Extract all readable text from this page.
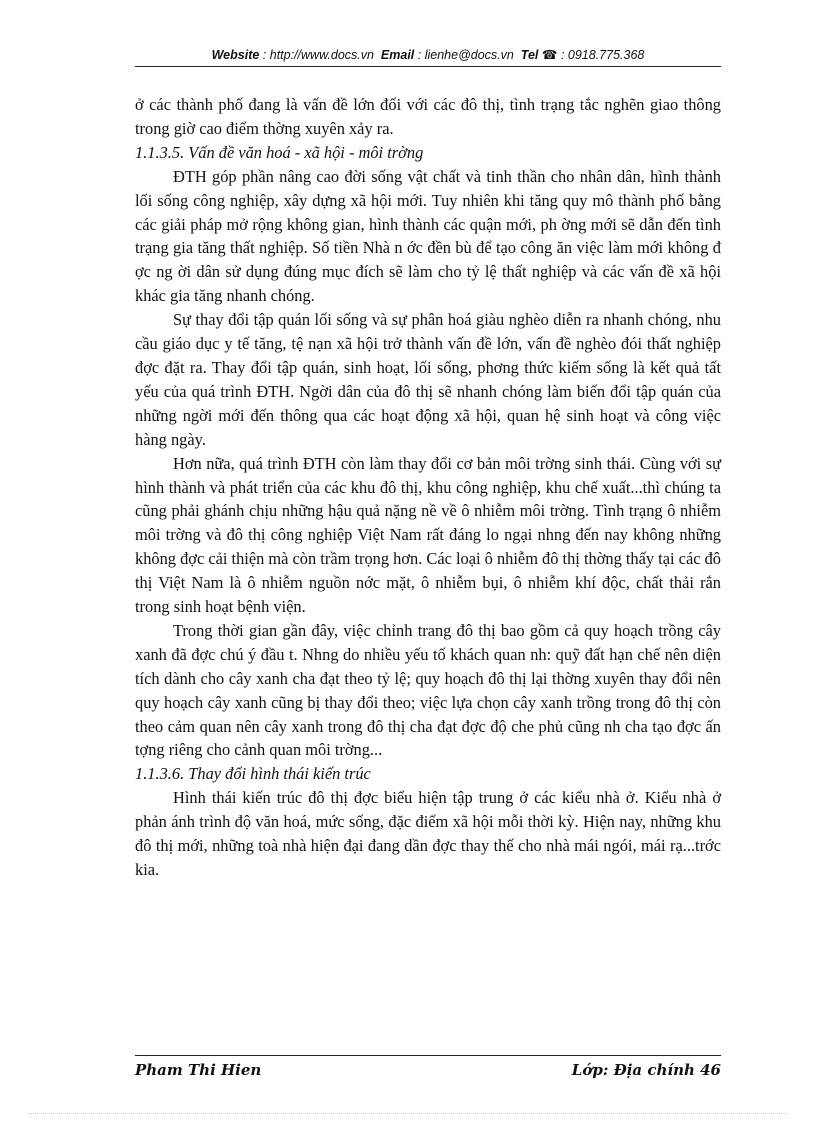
Website : http://www.docs.vn Email : lienhe@docs.vn Tel ☎ : 0918.775.368

ở các thành phố đang là vấn đề lớn đối với các đô thị, tình trạng tắc nghẽn giao thông trong giờ cao điểm thờng xuyên xảy ra.

1.1.3.5. Vấn đề văn hoá - xã hội - môi trờng

ĐTH góp phần nâng cao đời sống vật chất và tinh thần cho nhân dân, hình thành lối sống công nghiệp, xây dựng xã hội mới. Tuy nhiên khi tăng quy mô thành phố bằng các giải pháp mở rộng không gian, hình thành các quận mới, ph ờng mới sẽ dẫn đến tình trạng gia tăng thất nghiệp. Số tiền Nhà n ớc đền bù để tạo công ăn việc làm mới không đ ợc ng ời dân sử dụng đúng mục đích sẽ làm cho tỷ lệ thất nghiệp và các vấn đề xã hội khác gia tăng nhanh chóng.

Sự thay đổi tập quán lối sống và sự phân hoá giàu nghèo diễn ra nhanh chóng, nhu cầu giáo dục y tế tăng, tệ nạn xã hội trở thành vấn đề lớn, vấn đề nghèo đói thất nghiệp đợc đặt ra. Thay đổi tập quán, sinh hoạt, lối sống, phơng thức kiếm sống là kết quả tất yếu của quá trình ĐTH. Ngời dân của đô thị sẽ nhanh chóng làm biến đổi tập quán của những ngời mới đến thông qua các hoạt động xã hội, quan hệ sinh hoạt và công việc hàng ngày.

Hơn nữa, quá trình ĐTH còn làm thay đổi cơ bản môi trờng sinh thái. Cùng với sự hình thành và phát triển của các khu đô thị, khu công nghiệp, khu chế xuất...thì chúng ta cũng phải ghánh chịu những hậu quả nặng nề về ô nhiễm môi trờng. Tình trạng ô nhiễm môi trờng và đô thị công nghiệp Việt Nam rất đáng lo ngại nhng đến nay không những không đợc cải thiện mà còn trầm trọng hơn. Các loại ô nhiễm đô thị thờng thấy tại các đô thị Việt Nam là ô nhiễm nguồn nớc mặt, ô nhiễm bụi, ô nhiễm khí độc, chất thải rắn trong sinh hoạt bệnh viện.

Trong thời gian gần đây, việc chỉnh trang đô thị bao gồm cả quy hoạch trồng cây xanh đã đợc chú ý đầu t. Nhng do nhiều yếu tố khách quan nh: quỹ đất hạn chế nên diện tích dành cho cây xanh cha đạt theo tỷ lệ; quy hoạch đô thị lại thờng xuyên thay đổi nên quy hoạch cây xanh cũng bị thay đổi theo; việc lựa chọn cây xanh trồng trong đô thị còn theo cảm quan nên cây xanh trong đô thị cha đạt đợc độ che phủ cũng nh cha tạo đợc ấn tợng riêng cho cảnh quan môi trờng...

1.1.3.6. Thay đổi hình thái kiến trúc

Hình thái kiến trúc đô thị đợc biểu hiện tập trung ở các kiểu nhà ở. Kiểu nhà ở phản ánh trình độ văn hoá, mức sống, đặc điểm xã hội mỗi thời kỳ. Hiện nay, những khu đô thị mới, những toà nhà hiện đại đang dần đợc thay thế cho nhà mái ngói, mái rạ...trớc kia.

Pham Thi Hien	Lớp: Địa chính 46
